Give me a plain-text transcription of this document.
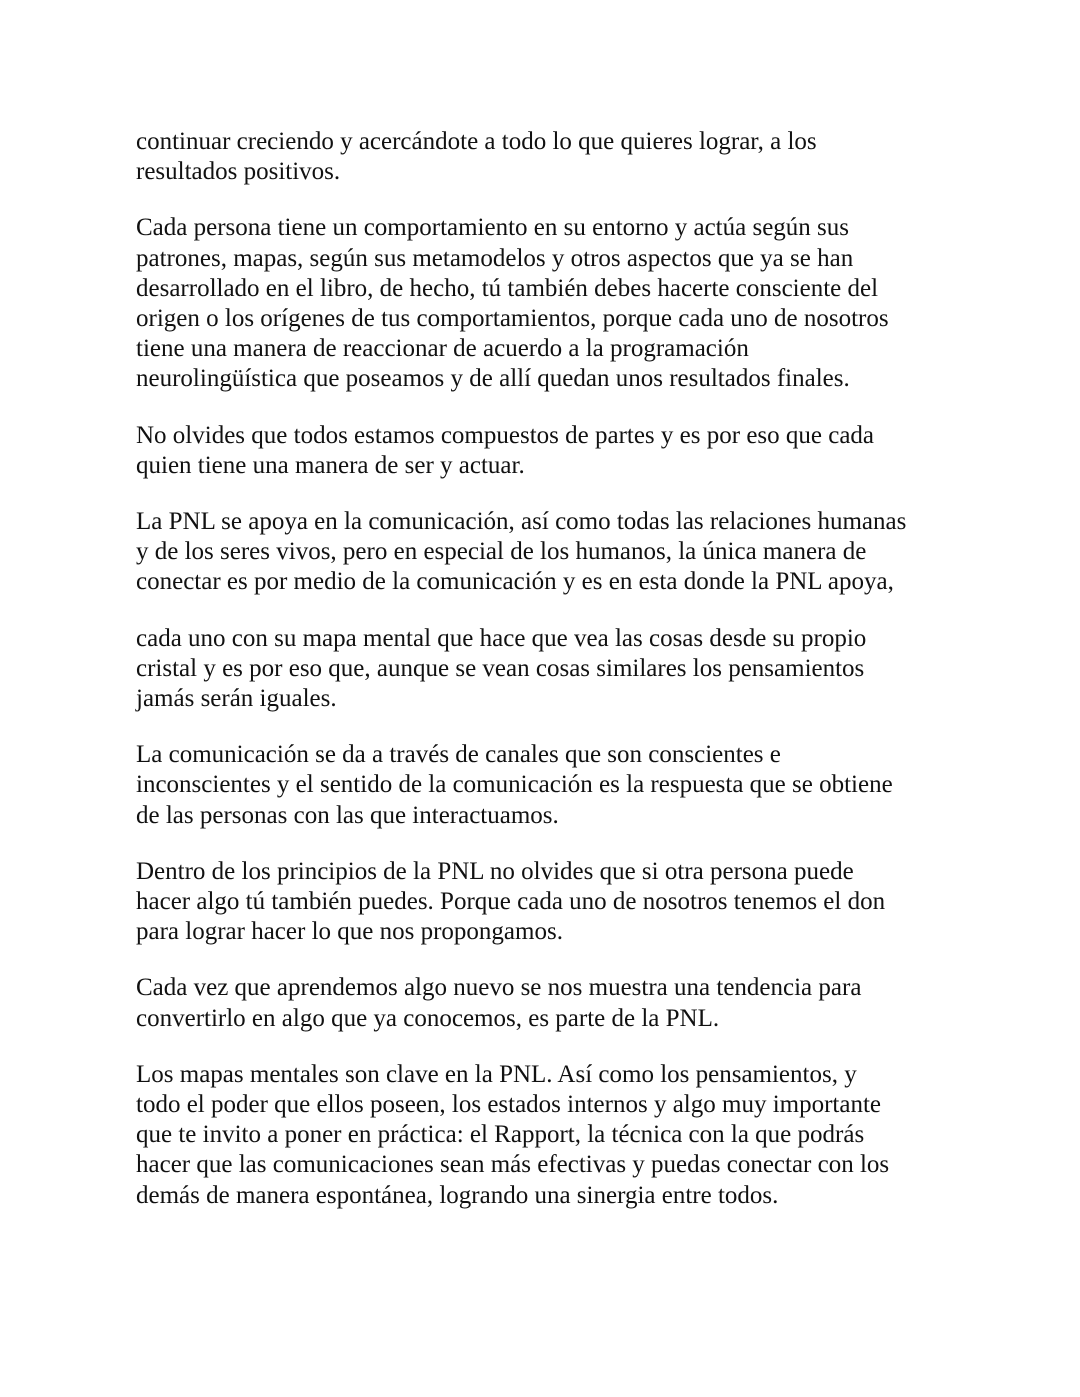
continuar creciendo y acercándote a todo lo que quieres lograr, a los
resultados positivos.

Cada persona tiene un comportamiento en su entorno y actúa según sus
patrones, mapas, según sus metamodelos y otros aspectos que ya se han
desarrollado en el libro, de hecho, tú también debes hacerte consciente del
origen o los orígenes de tus comportamientos, porque cada uno de nosotros
tiene una manera de reaccionar de acuerdo a la programación
neurolingüística que poseamos y de allí quedan unos resultados finales.

No olvides que todos estamos compuestos de partes y es por eso que cada
quien tiene una manera de ser y actuar.

La PNL se apoya en la comunicación, así como todas las relaciones humanas
y de los seres vivos, pero en especial de los humanos, la única manera de
conectar es por medio de la comunicación y es en esta donde la PNL apoya,

cada uno con su mapa mental que hace que vea las cosas desde su propio
cristal y es por eso que, aunque se vean cosas similares los pensamientos
jamás serán iguales.

La comunicación se da a través de canales que son conscientes e
inconscientes y el sentido de la comunicación es la respuesta que se obtiene
de las personas con las que interactuamos.

Dentro de los principios de la PNL no olvides que si otra persona puede
hacer algo tú también puedes. Porque cada uno de nosotros tenemos el don
para lograr hacer lo que nos propongamos.

Cada vez que aprendemos algo nuevo se nos muestra una tendencia para
convertirlo en algo que ya conocemos, es parte de la PNL.

Los mapas mentales son clave en la PNL. Así como los pensamientos, y
todo el poder que ellos poseen, los estados internos y algo muy importante
que te invito a poner en práctica: el Rapport, la técnica con la que podrás
hacer que las comunicaciones sean más efectivas y puedas conectar con los
demás de manera espontánea, logrando una sinergia entre todos.
